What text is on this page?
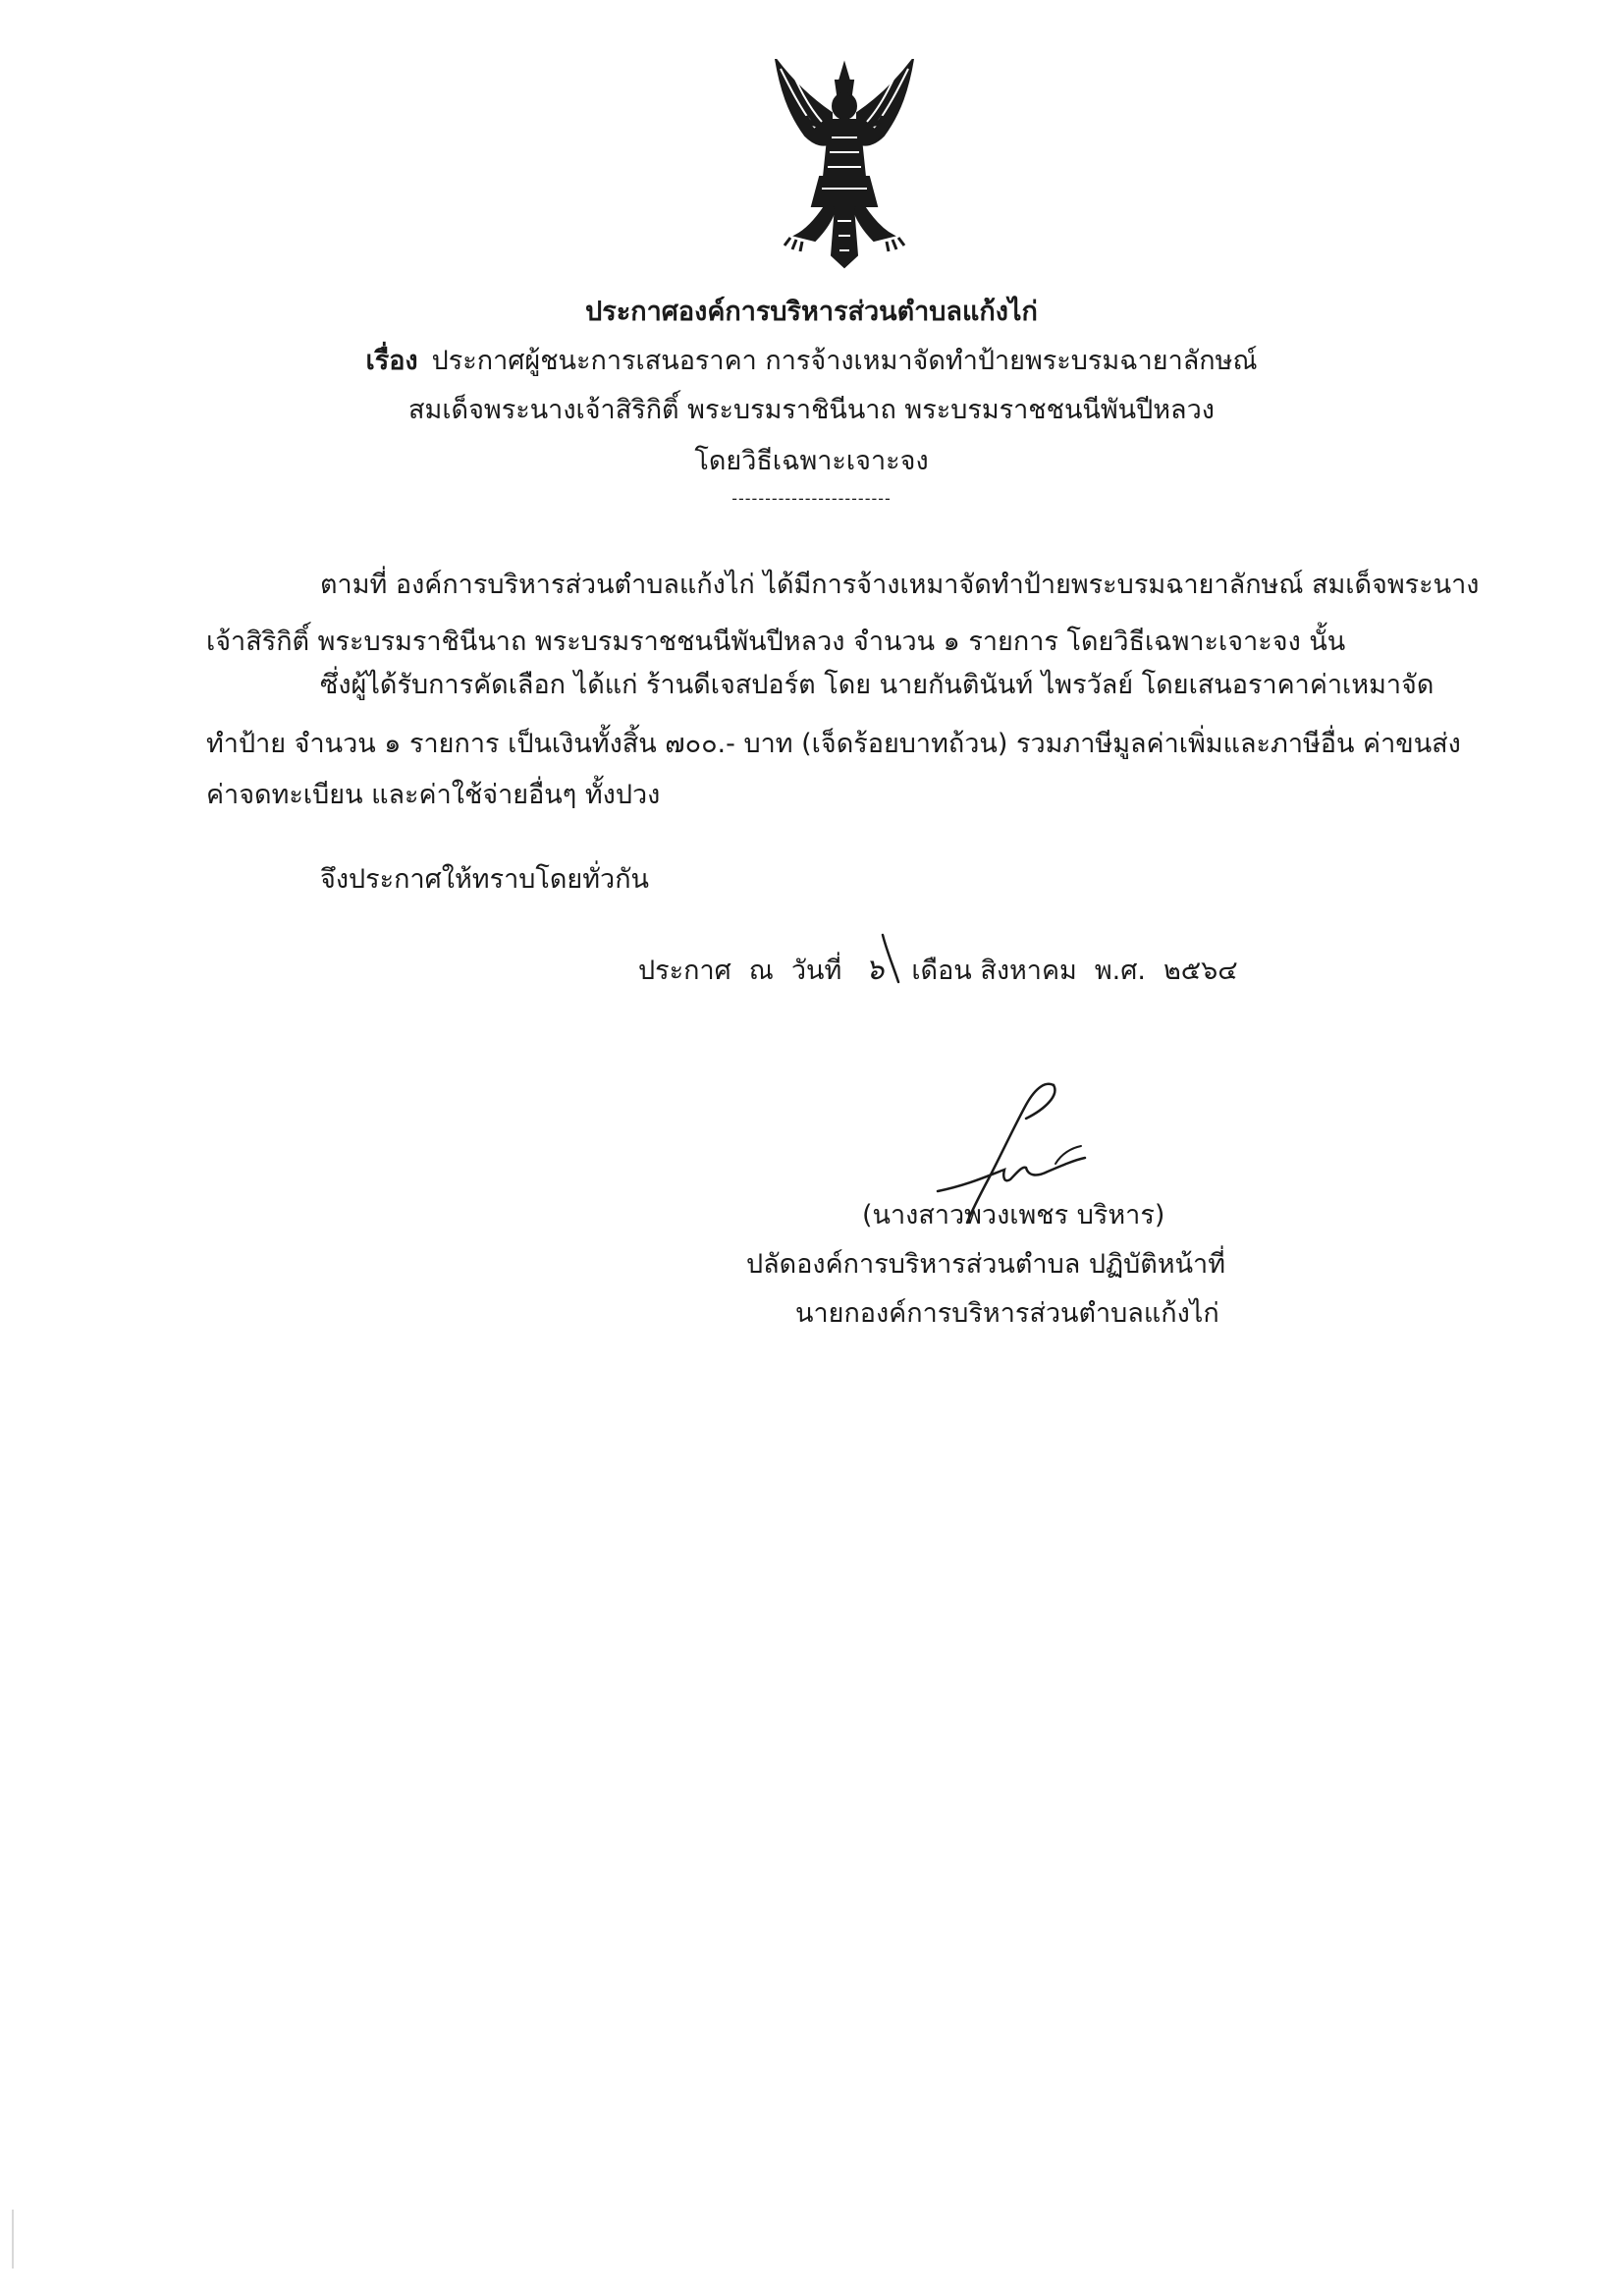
ประกาศองค์การบริหารส่วนตำบลแก้งไก่
เรื่อง ประกาศผู้ชนะการเสนอราคา การจ้างเหมาจัดทำป้ายพระบรมฉายาลักษณ์
สมเด็จพระนางเจ้าสิริกิติ์ พระบรมราชินีนาถ พระบรมราชชนนีพันปีหลวง
โดยวิธีเฉพาะเจาะจง
------------------------
ตามที่ องค์การบริหารส่วนตำบลแก้งไก่ ได้มีการจ้างเหมาจัดทำป้ายพระบรมฉายาลักษณ์ สมเด็จพระนาง
เจ้าสิริกิติ์ พระบรมราชินีนาถ พระบรมราชชนนีพันปีหลวง จำนวน ๑ รายการ โดยวิธีเฉพาะเจาะจง นั้น
ซึ่งผู้ได้รับการคัดเลือก ได้แก่ ร้านดีเจสปอร์ต โดย นายกันตินันท์ ไพรวัลย์ โดยเสนอราคาค่าเหมาจัด
ทำป้าย จำนวน ๑ รายการ เป็นเงินทั้งสิ้น ๗๐๐.- บาท (เจ็ดร้อยบาทถ้วน) รวมภาษีมูลค่าเพิ่มและภาษีอื่น ค่าขนส่ง
ค่าจดทะเบียน และค่าใช้จ่ายอื่นๆ ทั้งปวง
จึงประกาศให้ทราบโดยทั่วกัน
ประกาศ ณ วันที่ ๖ เดือน สิงหาคม พ.ศ. ๒๕๖๔
(นางสาวพวงเพชร บริหาร)
ปลัดองค์การบริหารส่วนตำบล ปฏิบัติหน้าที่
นายกองค์การบริหารส่วนตำบลแก้งไก่
